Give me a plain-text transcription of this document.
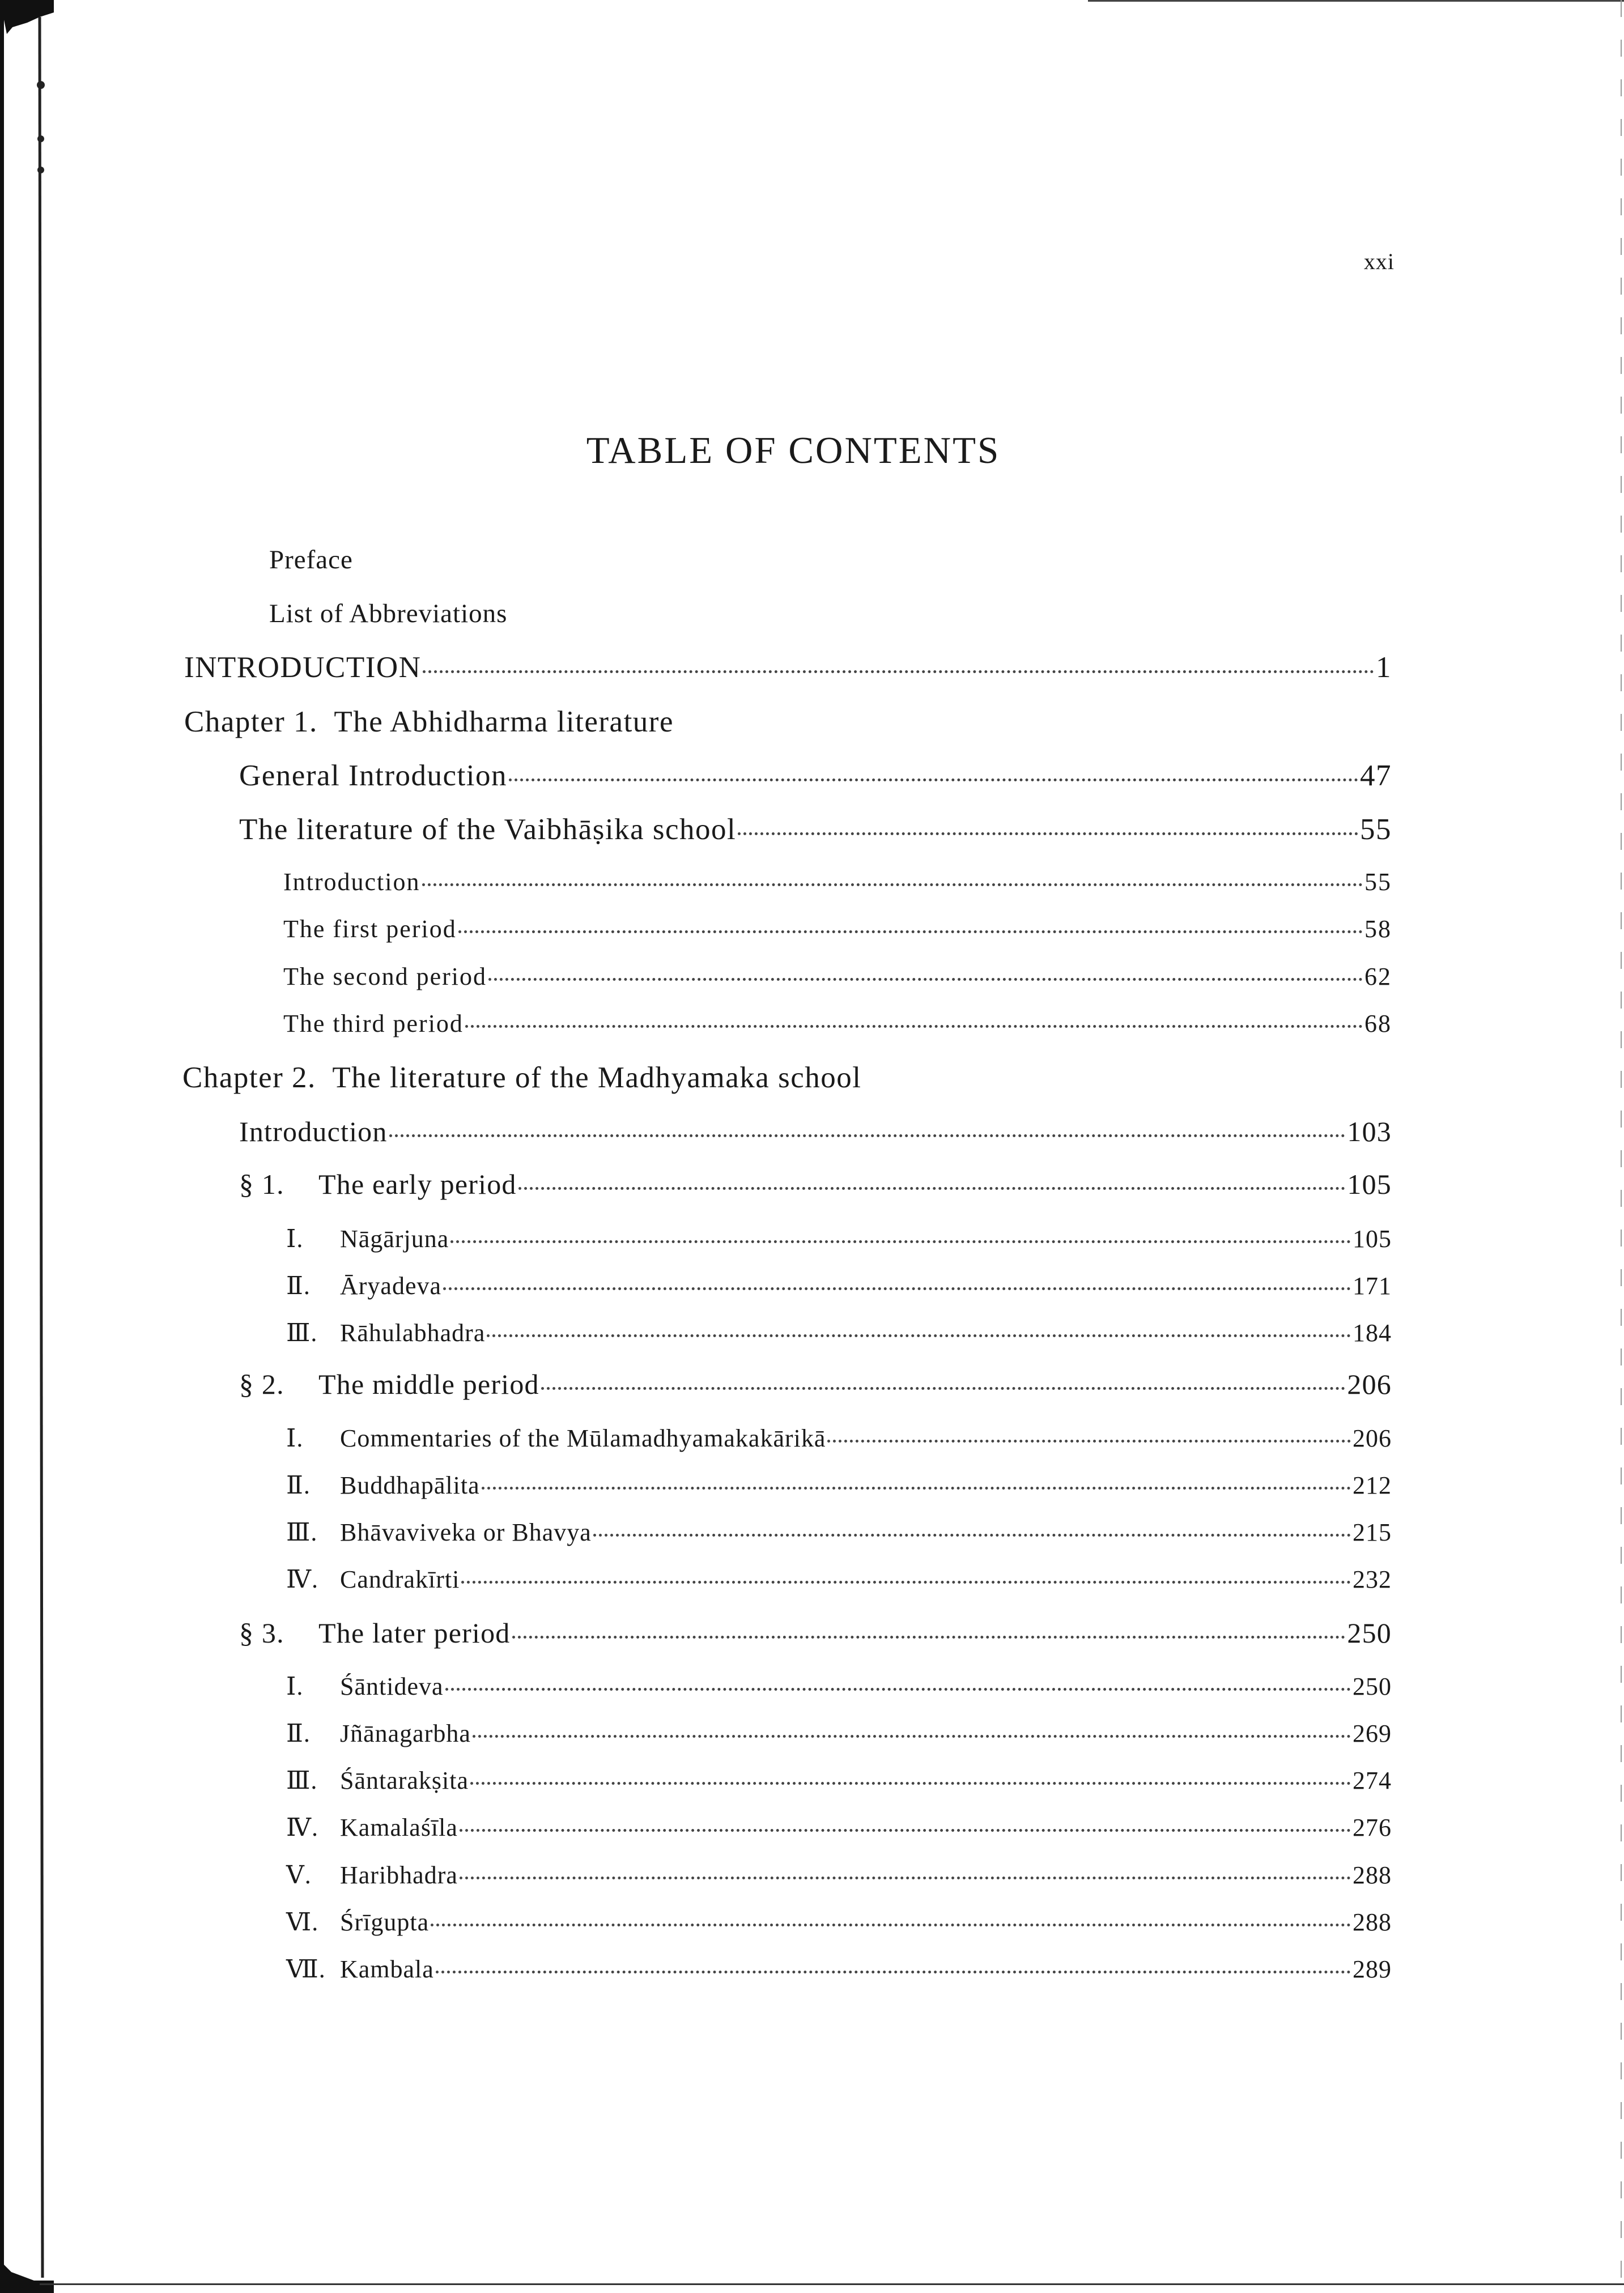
xxi
TABLE OF CONTENTS
Preface
List of Abbreviations
INTRODUCTION	1
Chapter 1.  The Abhidharma literature
General Introduction	47
The literature of the Vaibhāṣika school	55
Introduction	55
The first period	58
The second period	62
The third period	68
Chapter 2.  The literature of the Madhyamaka school
Introduction	103
§ 1.	The early period	105
Ⅰ.	Nāgārjuna	105
Ⅱ.	Āryadeva	171
Ⅲ. Rāhulabhadra	184
§ 2.	The middle period	206
Ⅰ.	Commentaries of the Mūlamadhyamakakārikā	206
Ⅱ.	Buddhapālita	212
Ⅲ. Bhāvaviveka or Bhavya	215
Ⅳ. Candrakīrti	232
§ 3.	The later period	250
Ⅰ.	Śāntideva	250
Ⅱ.	Jñānagarbha	269
Ⅲ. Śāntarakṣita	274
Ⅳ. Kamalaśīla	276
Ⅴ.	Haribhadra	288
Ⅵ. Śrīgupta	288
Ⅶ. Kambala	289
